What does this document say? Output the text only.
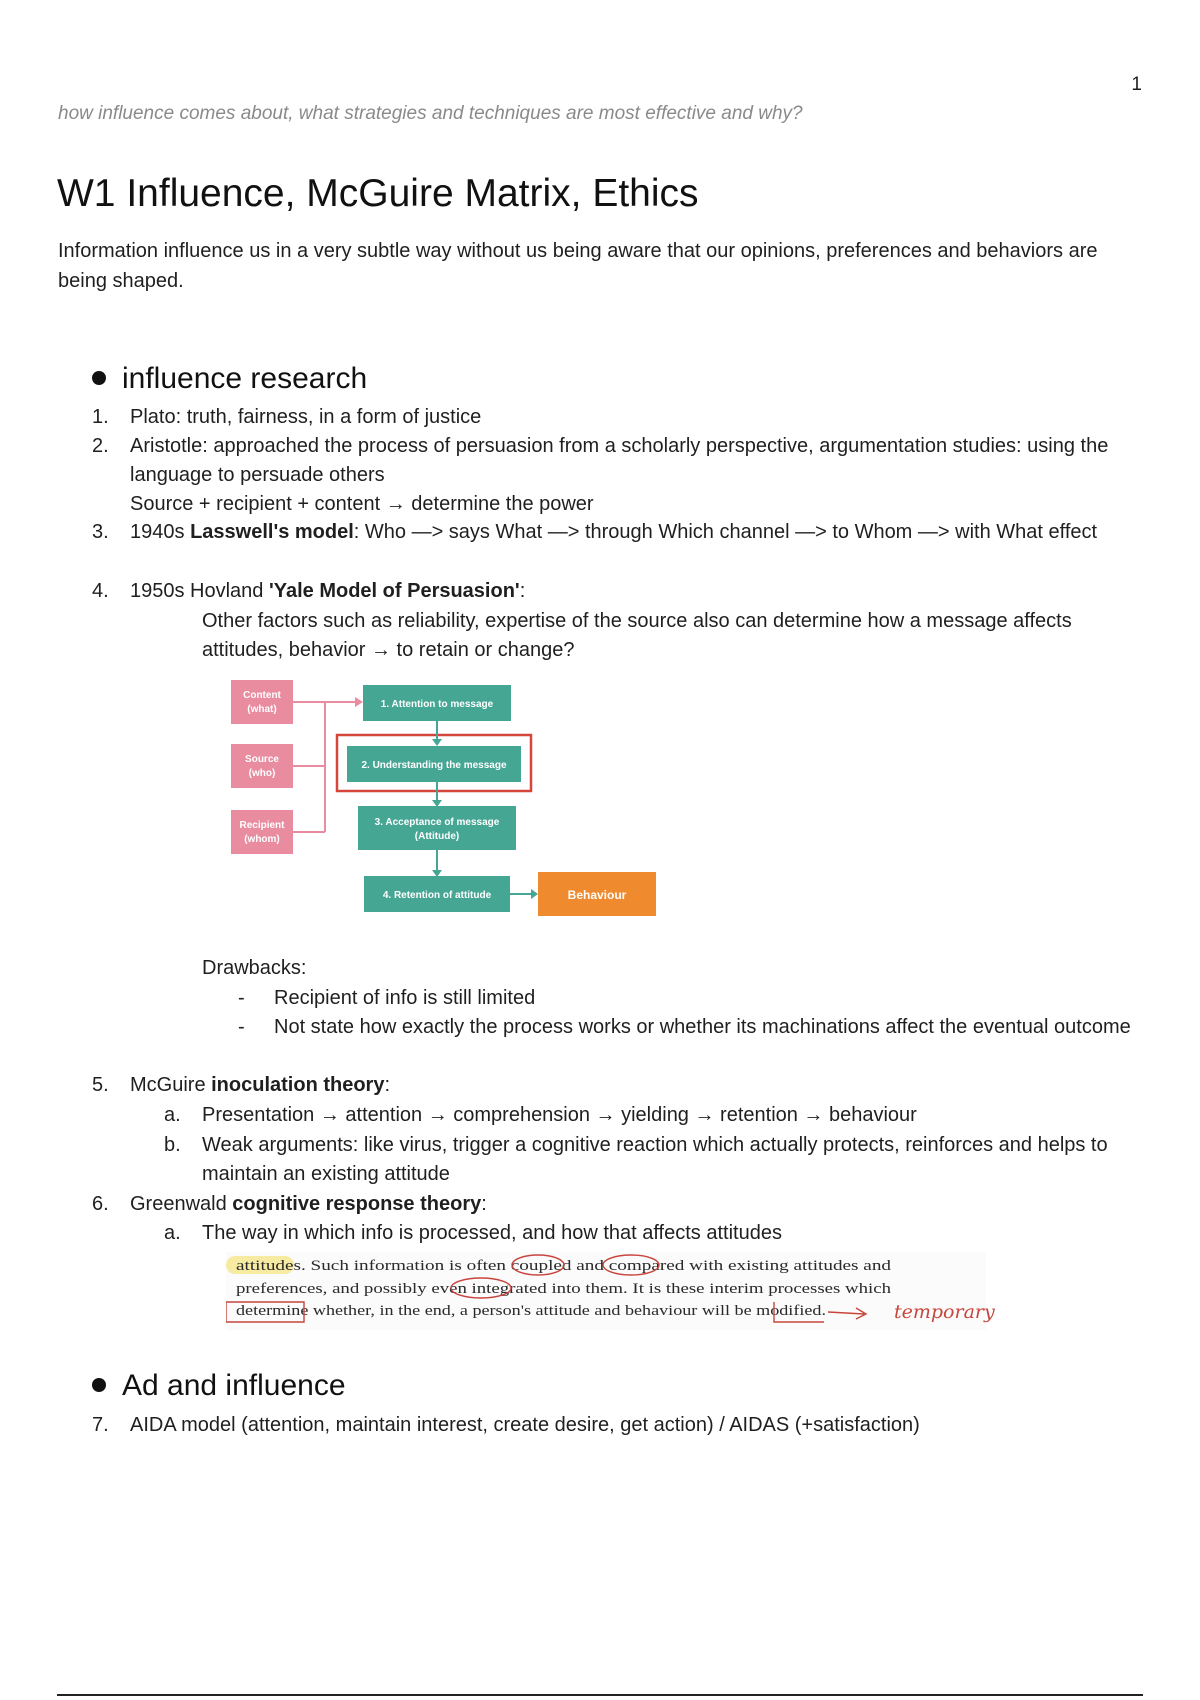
1
how influence comes about, what strategies and techniques are most effective and why?
W1 Influence, McGuire Matrix, Ethics

Information influence us in a very subtle way without us being aware that our opinions, preferences and behaviors are being shaped.

influence research
1. Plato: truth, fairness, in a form of justice
2. Aristotle: approached the process of persuasion from a scholarly perspective, argumentation studies: using the language to persuade others
Source + recipient + content → determine the power
3. 1940s Lasswell's model: Who —> says What —> through Which channel —> to Whom —> with What effect
4. 1950s Hovland 'Yale Model of Persuasion':
Other factors such as reliability, expertise of the source also can determine how a message affects attitudes, behavior → to retain or change?
Content
(what)
Source
(who)
Recipient
(whom)
1. Attention to message
2. Understanding the message
3. Acceptance of message
(Attitude)
4. Retention of attitude	Behaviour
Drawbacks:
- Recipient of info is still limited
- Not state how exactly the process works or whether its machinations affect the eventual outcome
5. McGuire inoculation theory:
a. Presentation → attention → comprehension → yielding → retention → behaviour
b. Weak arguments: like virus, trigger a cognitive reaction which actually protects, reinforces and helps to maintain an existing attitude
6. Greenwald cognitive response theory:
a. The way in which info is processed, and how that affects attitudes
attitudes. Such information is often coupled and compared with existing attitudes and
preferences, and possibly even integrated into them. It is these interim processes which
determine whether, in the end, a person's attitude and behaviour will be modified.	temporary
Ad and influence
7. AIDA model (attention, maintain interest, create desire, get action) / AIDAS (+satisfaction)
